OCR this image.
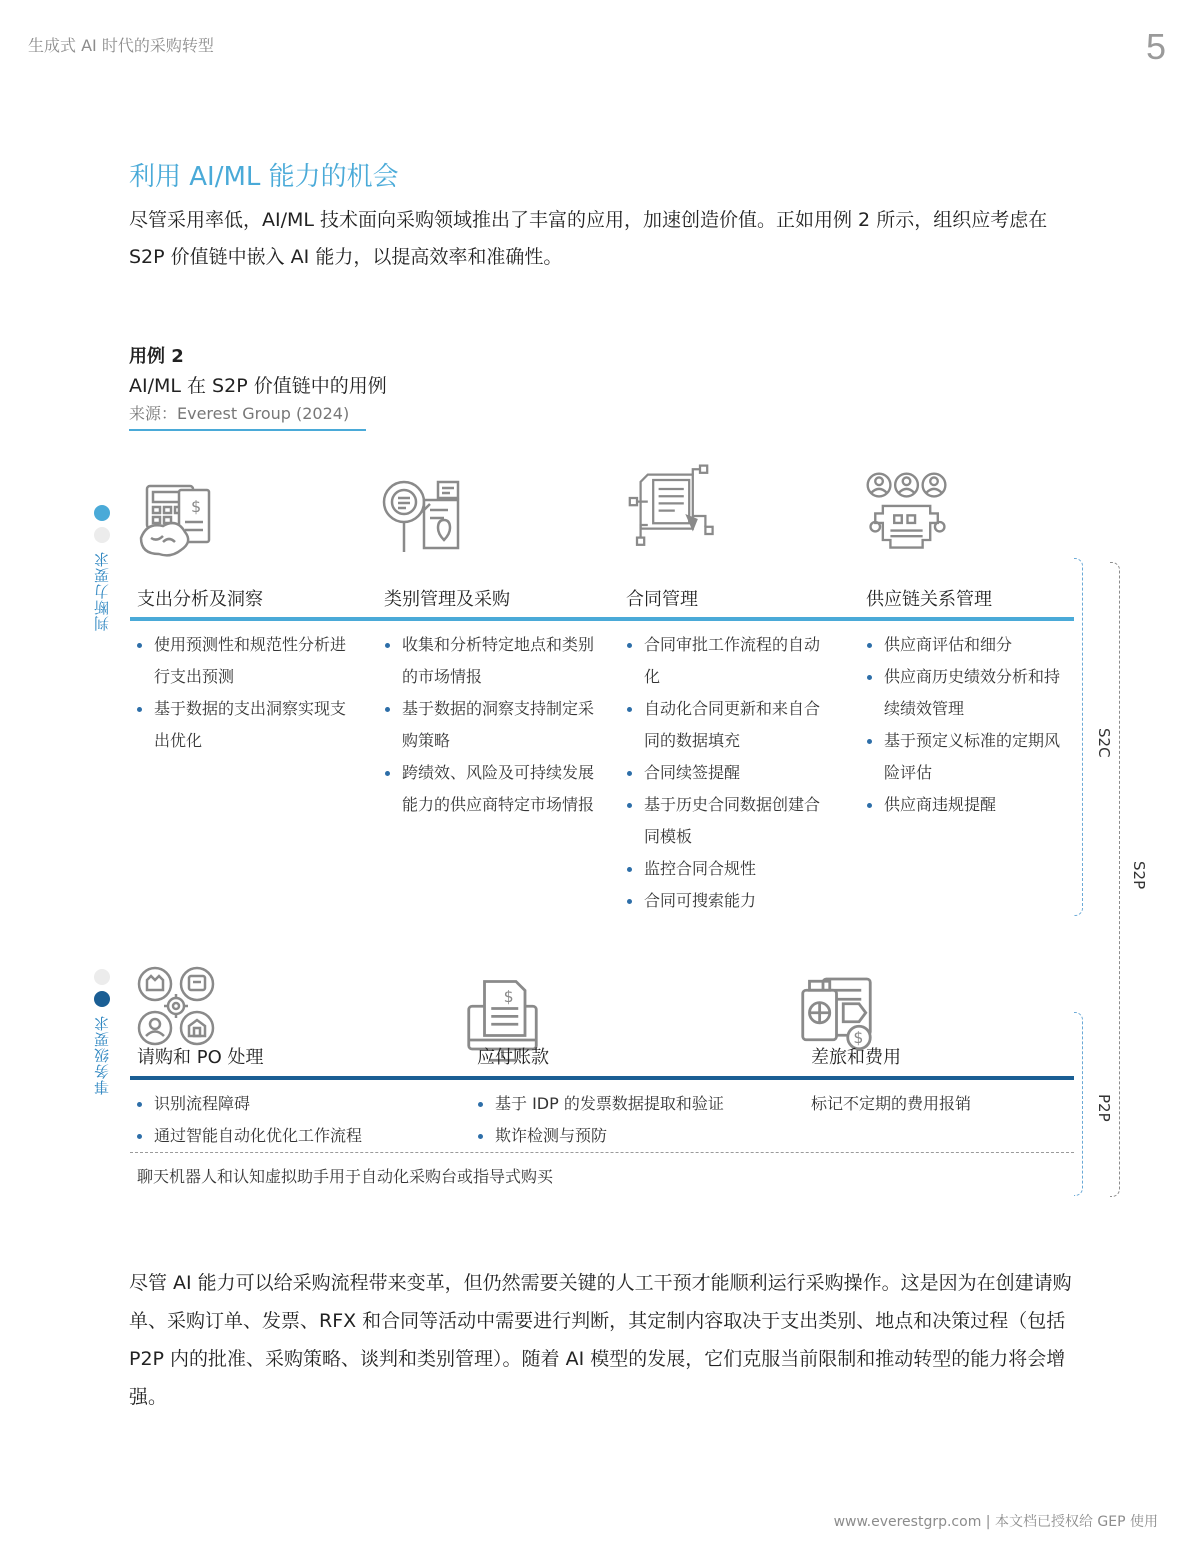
生成式 AI 时代的采购转型	5
利用 AI/ML 能力的机会
尽管采用率低，AI/ML 技术面向采购领域推出了丰富的应用，加速创造价值。正如用例 2 所示，组织应考虑在 S2P 价值链中嵌入 AI 能力，以提高效率和准确性。
用例 2
AI/ML 在 S2P 价值链中的用例
来源：Everest Group (2024)
判断力要求
事务级要求
$
支出分析及洞察	类别管理及采购	合同管理	供应链关系管理
使用预测性和规范性分析进行支出预测
基于数据的支出洞察实现支出优化
收集和分析特定地点和类别的市场情报
基于数据的洞察支持制定采购策略
跨绩效、风险及可持续发展能力的供应商特定市场情报
合同审批工作流程的自动化
自动化合同更新和来自合同的数据填充
合同续签提醒
基于历史合同数据创建合同模板
监控合同合规性
合同可搜索能力
供应商评估和细分
供应商历史绩效分析和持续绩效管理
基于预定义标准的定期风险评估
供应商违规提醒
$
$
请购和 PO 处理	应付账款	差旅和费用
识别流程障碍
通过智能自动化优化工作流程
基于 IDP 的发票数据提取和验证
欺诈检测与预防
标记不定期的费用报销
聊天机器人和认知虚拟助手用于自动化采购台或指导式购买
S2C
P2P
S2P
尽管 AI 能力可以给采购流程带来变革，但仍然需要关键的人工干预才能顺利运行采购操作。这是因为在创建请购单、采购订单、发票、RFX 和合同等活动中需要进行判断，其定制内容取决于支出类别、地点和决策过程（包括 P2P 内的批准、采购策略、谈判和类别管理）。随着 AI 模型的发展，它们克服当前限制和推动转型的能力将会增强。
www.everestgrp.com | 本文档已授权给 GEP 使用
